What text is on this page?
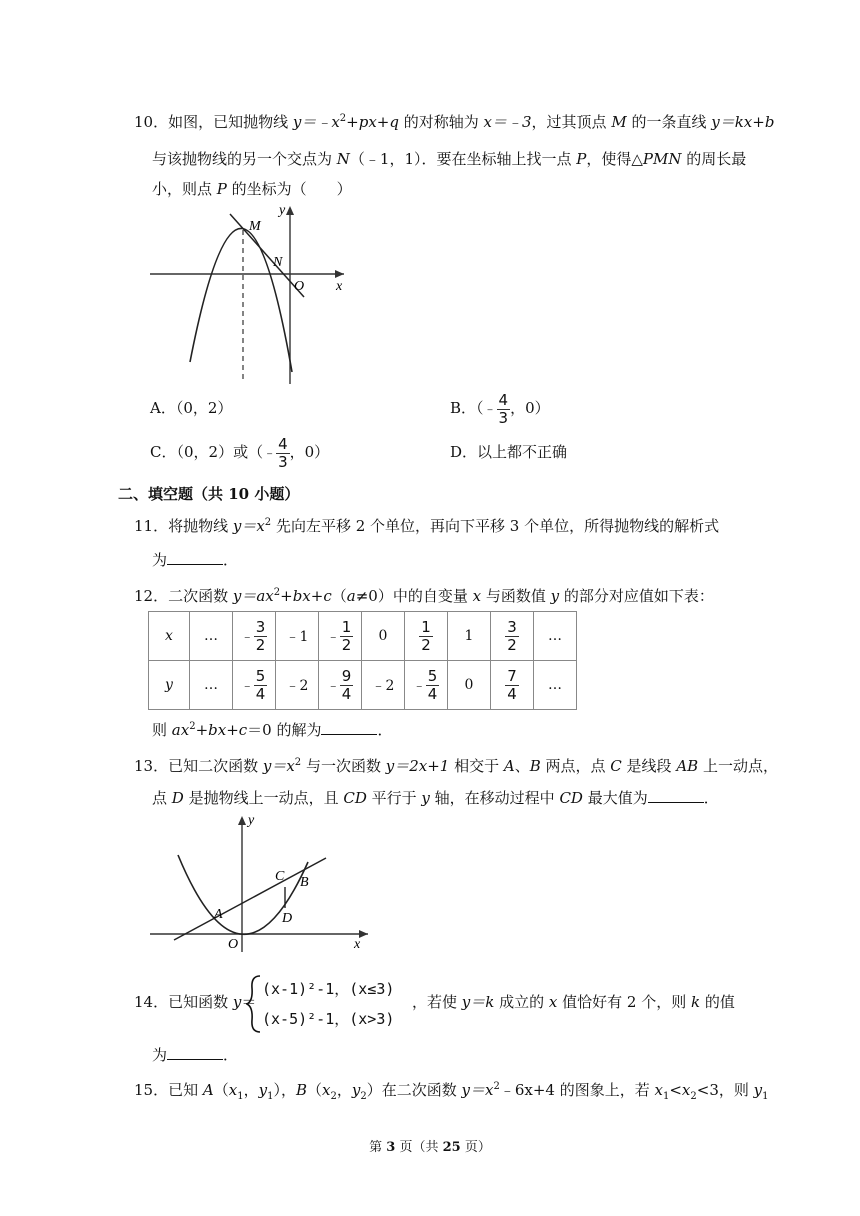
10．如图，已知抛物线 $y=﹣x^2+px+q$ 的对称轴为 x＝﹣3，过其顶点 M 的一条直线 y＝kx+b
与该抛物线的另一个交点为 N（﹣1，1）．要在坐标轴上找一点 P，使得△PMN 的周长最
小，则点 P 的坐标为（　　）
M
N
O x
y
A．（0，2）	B．（﹣ $\frac{4}{3}$ ，0）
C．（0，2）或（﹣ $\frac{4}{3}$ ，0）	D．以上都不正确
二、填空题（共 10 小题）
11．将抛物线 $y=x^2$ 先向左平移 2 个单位，再向下平移 3 个单位，所得抛物线的解析式
为	．
12．二次函数 $y=ax^2+bx+c(a\ne 0)$中的自变量 x 与函数值 y 的部分对应值如下表：
x	…	﹣ $\frac{3}{2}$	﹣1	﹣ $\frac{1}{2}$	0	$\frac{1}{2}$	1	$\frac{3}{2}$	…
y	…	﹣ $\frac{5}{4}$	﹣2	﹣ $\frac{9}{4}$	﹣2	﹣ $\frac{5}{4}$	0	$\frac{7}{4}$	…
则 $ax^2+bx+c=0$ 的解为	．
13．已知二次函数 $y=x^2$ 与一次函数 y＝2x+1 相交于 A、B 两点，点 C 是线段 AB 上一动点，
点 D 是抛物线上一动点，且 CD 平行于 y 轴，在移动过程中 CD 最大值为	．
y
C B
A	D
O	x
14．已知函数 y＝
(x-1)²-1，(x≤3)
(x-5)²-1，(x>3)
，若使 y＝k 成立的 x 值恰好有 2 个，则 k 的值
为	．
15．已知 $A(x_1$，$y_1$），$B(x_2$，$y_2$）在二次函数 $y=x^2﹣6x+4$ 的图象上，若 $x_1<x_2<3$，则 $y_1$
第 3 页（共 25 页）
